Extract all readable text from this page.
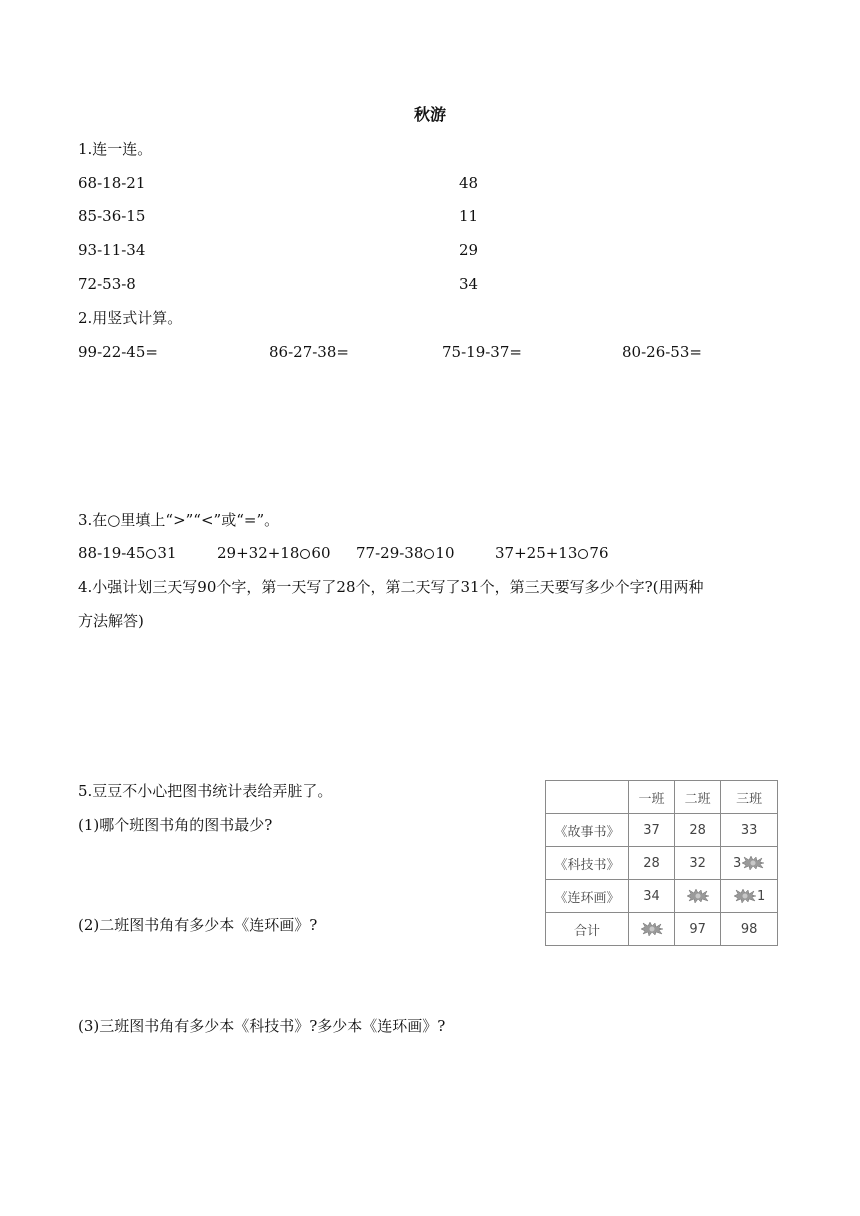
秋游
1.连一连。
68-18-21
85-36-15
93-11-34
72-53-8
48
11
29
34
2.用竖式计算。
99-22-45=	86-27-38=	75-19-37=	80-26-53=
3.在○里填上“>”“<”或“=”。
88-19-45 31	29+32+18 60 77-29-38 10	37+25+13 76
4.小强计划三天写90个字，第一天写了28个，第二天写了31个，第三天要写多少个字?(用两种
方法解答)
5.豆豆不小心把图书统计表给弄脏了。
(1)哪个班图书角的图书最少?
(2)二班图书角有多少本《连环画》?
(3)三班图书角有多少本《科技书》?多少本《连环画》?
	一班	二班	三班
《故事书》	37	28	33
《科技书》	28	32	3
《连环画》	34		1
合计		97	98
